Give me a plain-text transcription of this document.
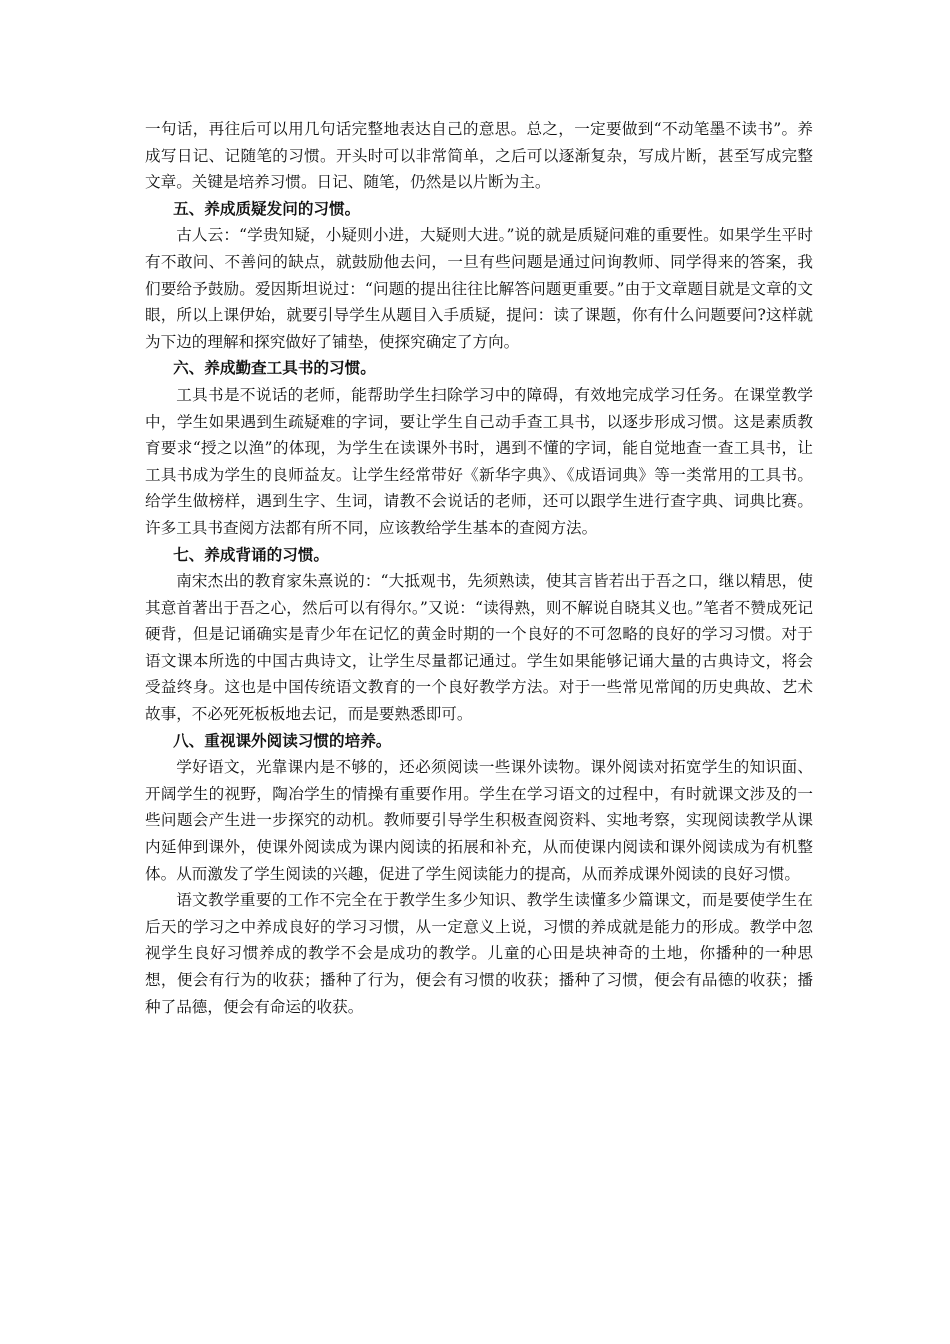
一句话，再往后可以用几句话完整地表达自己的意思。总之，一定要做到“不动笔墨不读书”。养成写日记、记随笔的习惯。开头时可以非常简单，之后可以逐渐复杂，写成片断，甚至写成完整文章。关键是培养习惯。日记、随笔，仍然是以片断为主。

五、养成质疑发问的习惯。

古人云：“学贵知疑，小疑则小进，大疑则大进。”说的就是质疑问难的重要性。如果学生平时有不敢问、不善问的缺点，就鼓励他去问，一旦有些问题是通过问询教师、同学得来的答案，我们要给予鼓励。爱因斯坦说过：“问题的提出往往比解答问题更重要。”由于文章题目就是文章的文眼，所以上课伊始，就要引导学生从题目入手质疑，提问：读了课题，你有什么问题要问?这样就为下边的理解和探究做好了铺垫，使探究确定了方向。

六、养成勤查工具书的习惯。

工具书是不说话的老师，能帮助学生扫除学习中的障碍，有效地完成学习任务。在课堂教学中，学生如果遇到生疏疑难的字词，要让学生自己动手查工具书，以逐步形成习惯。这是素质教育要求“授之以渔”的体现，为学生在读课外书时，遇到不懂的字词，能自觉地查一查工具书，让工具书成为学生的良师益友。让学生经常带好《新华字典》、《成语词典》等一类常用的工具书。给学生做榜样，遇到生字、生词，请教不会说话的老师，还可以跟学生进行查字典、词典比赛。许多工具书查阅方法都有所不同，应该教给学生基本的查阅方法。

七、养成背诵的习惯。

南宋杰出的教育家朱熹说的：“大抵观书，先须熟读，使其言皆若出于吾之口，继以精思，使其意首著出于吾之心，然后可以有得尔。”又说：“读得熟，则不解说自晓其义也。”笔者不赞成死记硬背，但是记诵确实是青少年在记忆的黄金时期的一个良好的不可忽略的良好的学习习惯。对于语文课本所选的中国古典诗文，让学生尽量都记通过。学生如果能够记诵大量的古典诗文，将会受益终身。这也是中国传统语文教育的一个良好教学方法。对于一些常见常闻的历史典故、艺术故事，不必死死板板地去记，而是要熟悉即可。

八、重视课外阅读习惯的培养。

学好语文，光靠课内是不够的，还必须阅读一些课外读物。课外阅读对拓宽学生的知识面、开阔学生的视野，陶冶学生的情操有重要作用。学生在学习语文的过程中，有时就课文涉及的一些问题会产生进一步探究的动机。教师要引导学生积极查阅资料、实地考察，实现阅读教学从课内延伸到课外，使课外阅读成为课内阅读的拓展和补充，从而使课内阅读和课外阅读成为有机整体。从而激发了学生阅读的兴趣，促进了学生阅读能力的提高，从而养成课外阅读的良好习惯。

语文教学重要的工作不完全在于教学生多少知识、教学生读懂多少篇课文，而是要使学生在后天的学习之中养成良好的学习习惯，从一定意义上说，习惯的养成就是能力的形成。教学中忽视学生良好习惯养成的教学不会是成功的教学。儿童的心田是块神奇的土地，你播种的一种思想，便会有行为的收获；播种了行为，便会有习惯的收获；播种了习惯，便会有品德的收获；播种了品德，便会有命运的收获。
